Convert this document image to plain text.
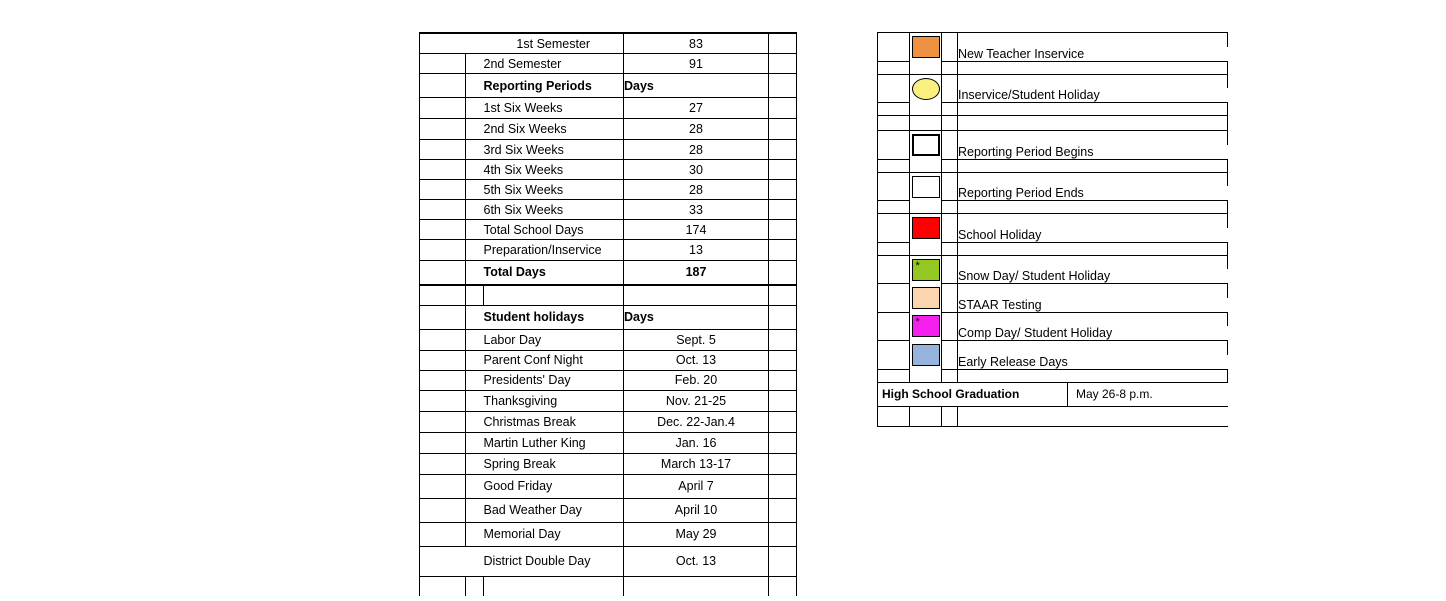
			1st Semester	83	
			2nd Semester	91	
			Reporting Periods	Days	
			1st Six Weeks	27	
			2nd Six Weeks	28	
			3rd Six Weeks	28	
			4th Six Weeks	30	
			5th Six Weeks	28	
			6th Six Weeks	33	
			Total School Days	174	
			Preparation/Inservice	13	
			Total Days	187	

			Student holidays	Days	
			Labor Day	Sept. 5	
			Parent Conf Night	Oct. 13	
			Presidents' Day	Feb. 20	
			Thanksgiving	Nov. 21-25	
			Christmas Break	Dec. 22-Jan.4	
			Martin Luther King	Jan. 16	
			Spring Break	March 13-17	
			Good Friday	April 7	
			Bad Weather Day	April 10	
			Memorial Day	May 29	
			District Double Day	Oct. 13	

			New Teacher Inservice	

			Inservice/Student Holiday	

			Reporting Period Begins	

			Reporting Period Ends	

			School Holiday	

	*			

			Snow Day/ Student Holiday	

			STAAR Testing	

	*			

			Comp Day/ Student Holiday	

			Early Release Days	

High School Graduation				May 26-8 p.m.
